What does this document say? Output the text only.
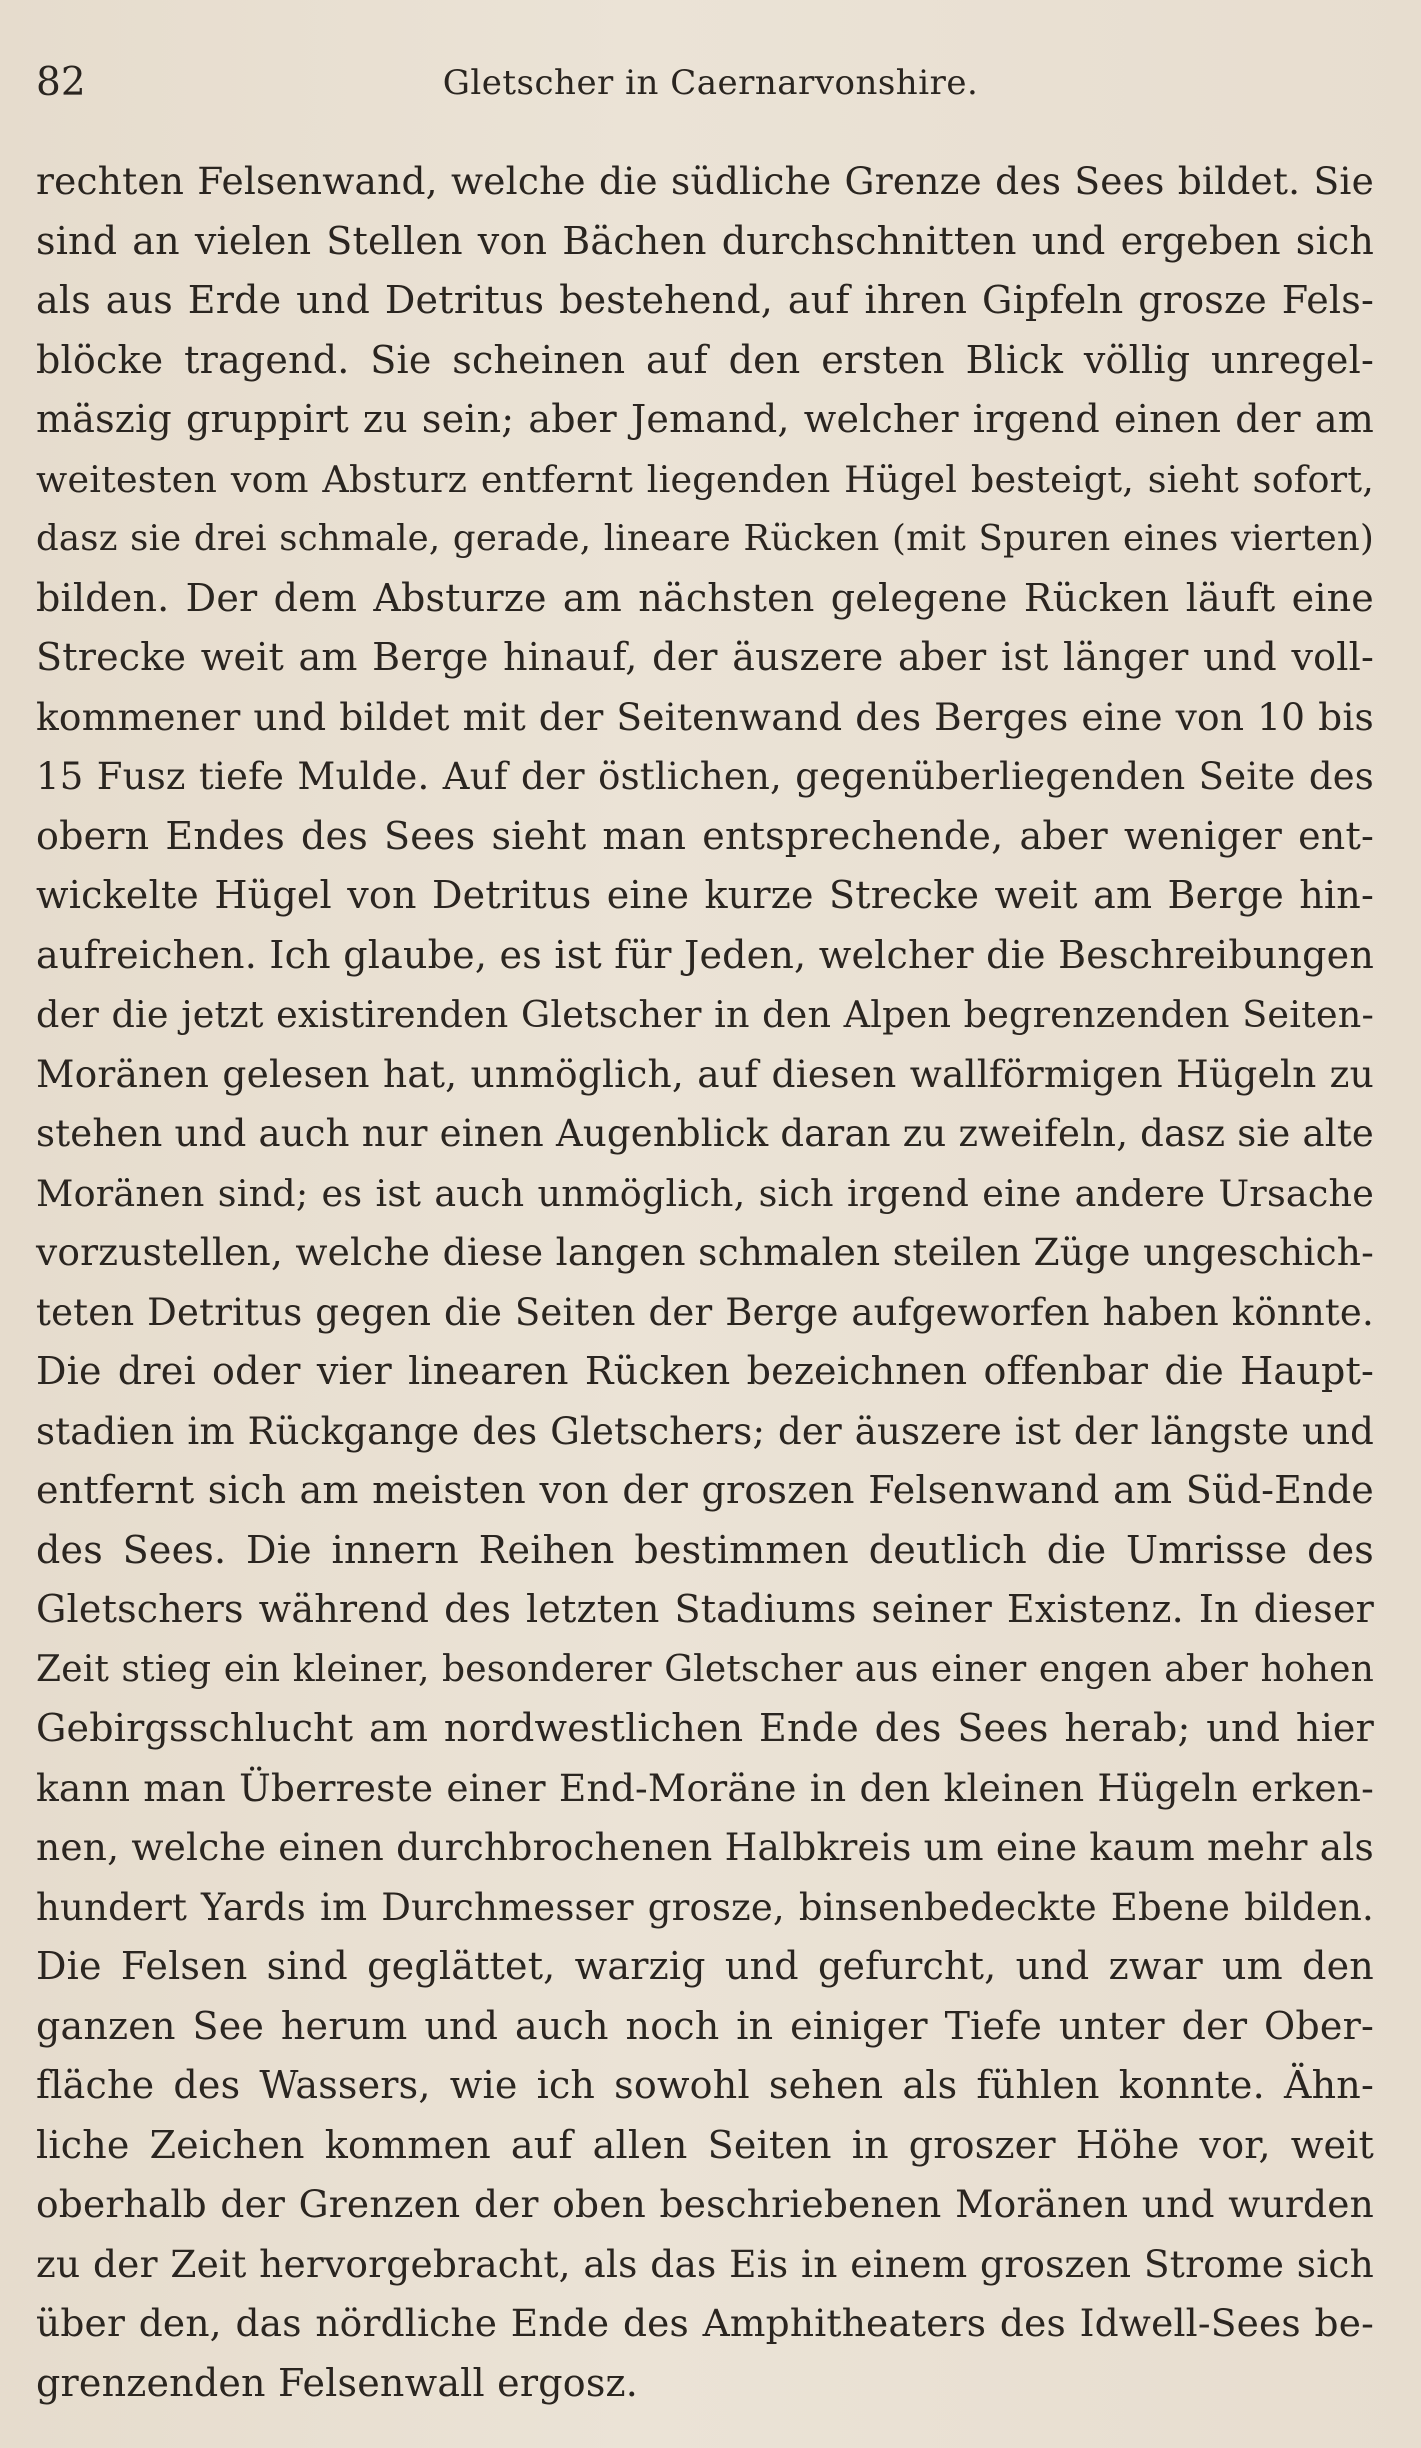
82	Gletscher in Caernarvonshire.
rechten Felsenwand, welche die südliche Grenze des Sees bildet. Sie
sind an vielen Stellen von Bächen durchschnitten und ergeben sich
als aus Erde und Detritus bestehend, auf ihren Gipfeln grosze Fels-
blöcke tragend. Sie scheinen auf den ersten Blick völlig unregel-
mäszig gruppirt zu sein; aber Jemand, welcher irgend einen der am
weitesten vom Absturz entfernt liegenden Hügel besteigt, sieht sofort,
dasz sie drei schmale, gerade, lineare Rücken (mit Spuren eines vierten)
bilden. Der dem Absturze am nächsten gelegene Rücken läuft eine
Strecke weit am Berge hinauf, der äuszere aber ist länger und voll-
kommener und bildet mit der Seitenwand des Berges eine von 10 bis
15 Fusz tiefe Mulde. Auf der östlichen, gegenüberliegenden Seite des
obern Endes des Sees sieht man entsprechende, aber weniger ent-
wickelte Hügel von Detritus eine kurze Strecke weit am Berge hin-
aufreichen. Ich glaube, es ist für Jeden, welcher die Beschreibungen
der die jetzt existirenden Gletscher in den Alpen begrenzenden Seiten-
Moränen gelesen hat, unmöglich, auf diesen wallförmigen Hügeln zu
stehen und auch nur einen Augenblick daran zu zweifeln, dasz sie alte
Moränen sind; es ist auch unmöglich, sich irgend eine andere Ursache
vorzustellen, welche diese langen schmalen steilen Züge ungeschich-
teten Detritus gegen die Seiten der Berge aufgeworfen haben könnte.
Die drei oder vier linearen Rücken bezeichnen offenbar die Haupt-
stadien im Rückgange des Gletschers; der äuszere ist der längste und
entfernt sich am meisten von der groszen Felsenwand am Süd-Ende
des Sees. Die innern Reihen bestimmen deutlich die Umrisse des
Gletschers während des letzten Stadiums seiner Existenz. In dieser
Zeit stieg ein kleiner, besonderer Gletscher aus einer engen aber hohen
Gebirgsschlucht am nordwestlichen Ende des Sees herab; und hier
kann man Überreste einer End-Moräne in den kleinen Hügeln erken-
nen, welche einen durchbrochenen Halbkreis um eine kaum mehr als
hundert Yards im Durchmesser grosze, binsenbedeckte Ebene bilden.
Die Felsen sind geglättet, warzig und gefurcht, und zwar um den
ganzen See herum und auch noch in einiger Tiefe unter der Ober-
fläche des Wassers, wie ich sowohl sehen als fühlen konnte. Ähn-
liche Zeichen kommen auf allen Seiten in groszer Höhe vor, weit
oberhalb der Grenzen der oben beschriebenen Moränen und wurden
zu der Zeit hervorgebracht, als das Eis in einem groszen Strome sich
über den, das nördliche Ende des Amphitheaters des Idwell-Sees be-
grenzenden Felsenwall ergosz.
